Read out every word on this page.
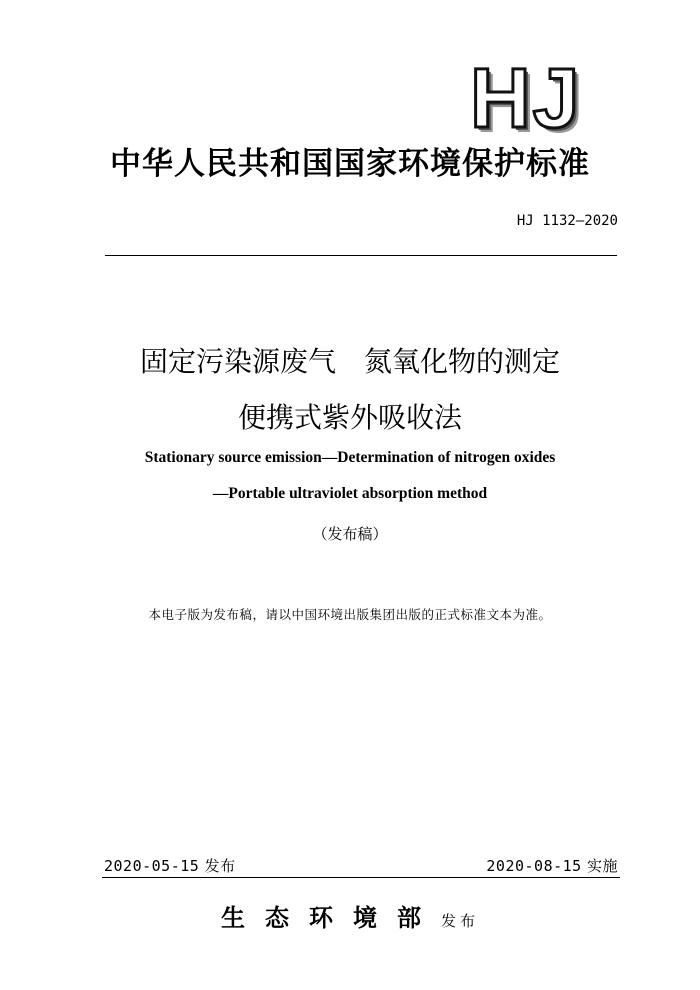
HJ
中华人民共和国国家环境保护标准
HJ 1132—2020
固定污染源废气　氮氧化物的测定
便携式紫外吸收法
Stationary source emission—Determination of nitrogen oxides
—Portable ultraviolet absorption method
（发布稿）
本电子版为发布稿，请以中国环境出版集团出版的正式标准文本为准。
2020-05-15 发布	2020-08-15 实施
生态环境部发布
